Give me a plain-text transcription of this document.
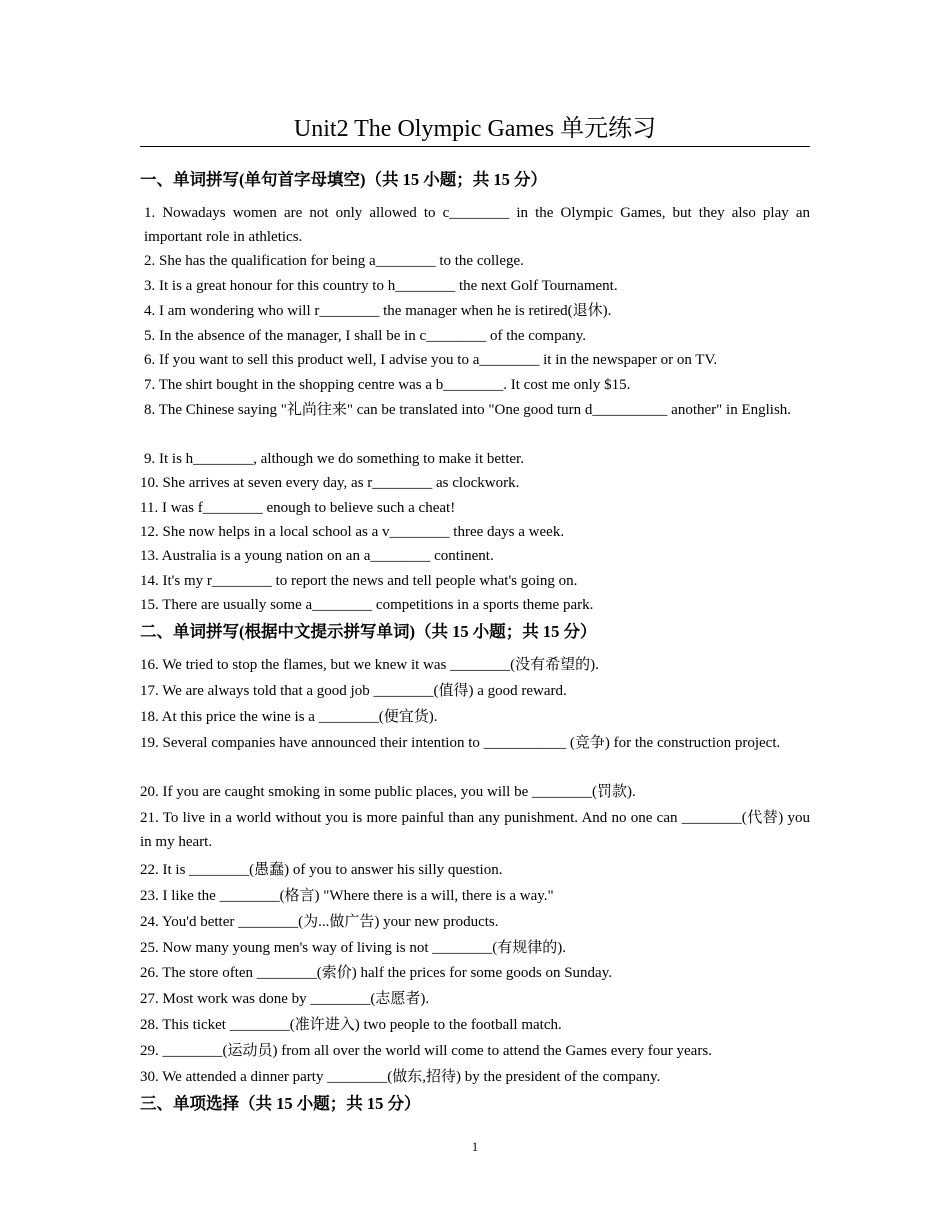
Unit2 The Olympic Games 单元练习
一、单词拼写(单句首字母填空)（共 15 小题；共 15 分）
1. Nowadays women are not only allowed to c________ in the Olympic Games, but they also play an important role in athletics.
2. She has the qualification for being a________ to the college.
3. It is a great honour for this country to h________ the next Golf Tournament.
4. I am wondering who will r________ the manager when he is retired(退休).
5. In the absence of the manager, I shall be in c________ of the company.
6. If you want to sell this product well, I advise you to a________ it in the newspaper or on TV.
7. The shirt bought in the shopping centre was a b________. It cost me only $15.
8. The Chinese saying "礼尚往来" can be translated into "One good turn d__________ another" in English.
9. It is h________, although we do something to make it better.
10. She arrives at seven every day, as r________ as clockwork.
11. I was f________ enough to believe such a cheat!
12. She now helps in a local school as a v________ three days a week.
13. Australia is a young nation on an a________ continent.
14. It's my r________ to report the news and tell people what's going on.
15. There are usually some a________ competitions in a sports theme park.
二、单词拼写(根据中文提示拼写单词)（共 15 小题；共 15 分）
16. We tried to stop the flames, but we knew it was ________(没有希望的).
17. We are always told that a good job ________(值得) a good reward.
18. At this price the wine is a ________(便宜货).
19. Several companies have announced their intention to ___________ (竞争) for the construction project.
20. If you are caught smoking in some public places, you will be ________(罚款).
21. To live in a world without you is more painful than any punishment. And no one can ________(代替) you in my heart.
22. It is ________(愚蠢) of you to answer his silly question.
23. I like the ________(格言) "Where there is a will, there is a way."
24. You'd better ________(为...做广告) your new products.
25. Now many young men's way of living is not ________(有规律的).
26. The store often ________(索价) half the prices for some goods on Sunday.
27. Most work was done by ________(志愿者).
28. This ticket ________(准许进入) two people to the football match.
29. ________(运动员) from all over the world will come to attend the Games every four years.
30. We attended a dinner party ________(做东,招待) by the president of the company.
三、单项选择（共 15 小题；共 15 分）
1
